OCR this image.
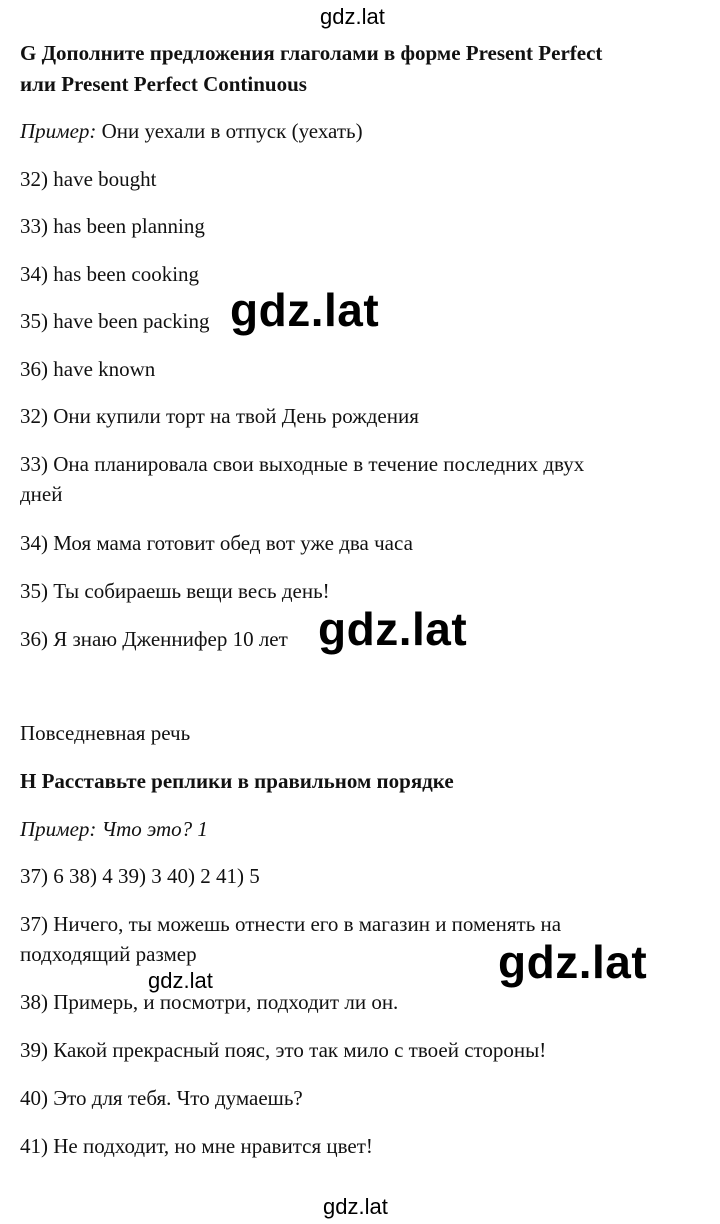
gdz.lat
G Дополните предложения глаголами в форме Present Perfect
или Present Perfect Continuous
Пример: Они уехали в отпуск (уехать)
32) have bought
33) has been planning
34) has been cooking
35) have been packing
36) have known
32) Они купили торт на твой День рождения
33) Она планировала свои выходные в течение последних двух
дней
34) Моя мама готовит обед вот уже два часа
35) Ты собираешь вещи весь день!
36) Я знаю Дженнифер 10 лет
Повседневная речь
H Расставьте реплики в правильном порядке
Пример: Что это? 1
37) 6 38) 4 39) 3 40) 2 41) 5
37) Ничего, ты можешь отнести его в магазин и поменять на
подходящий размер
38) Примерь, и посмотри, подходит ли он.
39) Какой прекрасный пояс, это так мило с твоей стороны!
40) Это для тебя. Что думаешь?
41) Не подходит, но мне нравится цвет!
gdz.lat
gdz.lat
gdz.lat
gdz.lat
gdz.lat
